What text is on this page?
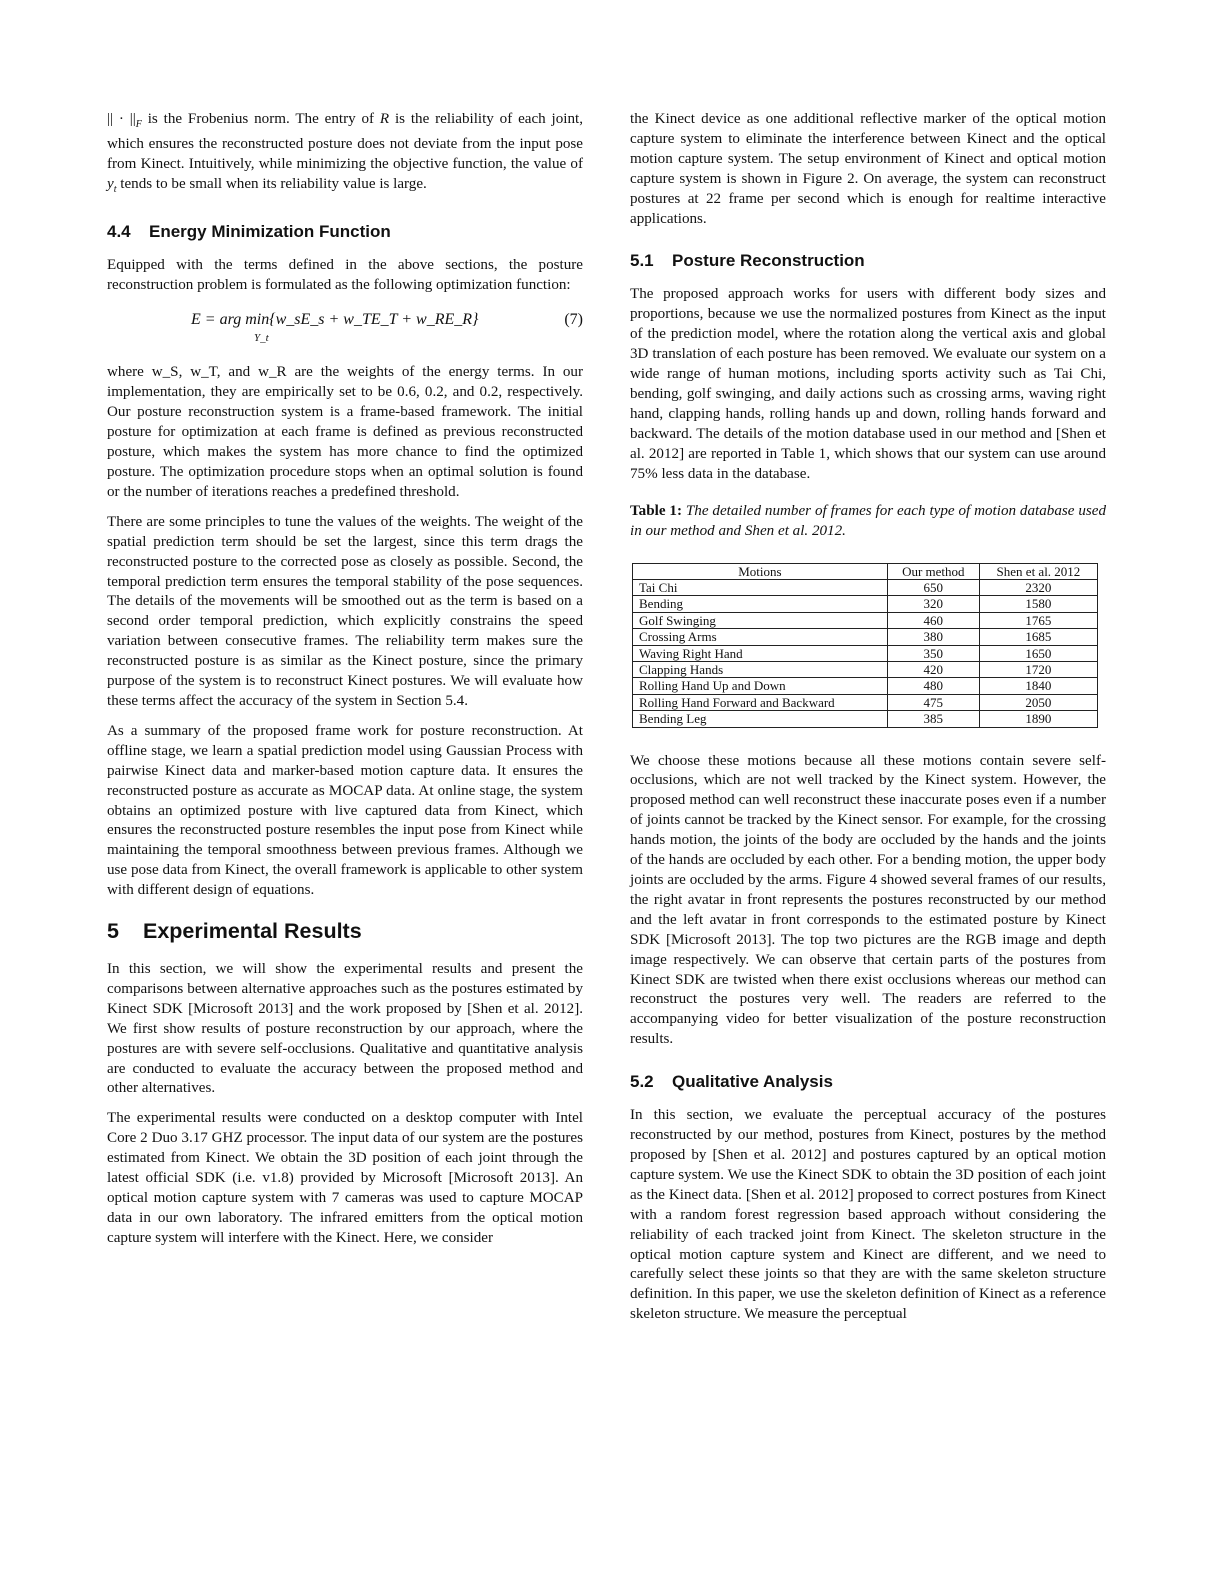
|| · $||_F$ is the Frobenius norm. The entry of R is the reliability of each joint, which ensures the reconstructed posture does not deviate from the input pose from Kinect. Intuitively, while minimizing the objective function, the value of $y_t$ tends to be small when its reliability value is large.

4.4 Energy Minimization Function

Equipped with the terms defined in the above sections, the posture reconstruction problem is formulated as the following optimization function:

E = arg min{w_sE_s + w_TE_T + w_RE_R}
Y_t
(7)

where w_S, w_T, and w_R are the weights of the energy terms. In our implementation, they are empirically set to be 0.6, 0.2, and 0.2, respectively. Our posture reconstruction system is a frame-based framework. The initial posture for optimization at each frame is defined as previous reconstructed posture, which makes the system has more chance to find the optimized posture. The optimization procedure stops when an optimal solution is found or the number of iterations reaches a predefined threshold.

There are some principles to tune the values of the weights. The weight of the spatial prediction term should be set the largest, since this term drags the reconstructed posture to the corrected pose as closely as possible. Second, the temporal prediction term ensures the temporal stability of the pose sequences. The details of the movements will be smoothed out as the term is based on a second order temporal prediction, which explicitly constrains the speed variation between consecutive frames. The reliability term makes sure the reconstructed posture is as similar as the Kinect posture, since the primary purpose of the system is to reconstruct Kinect postures. We will evaluate how these terms affect the accuracy of the system in Section 5.4.

As a summary of the proposed frame work for posture reconstruction. At offline stage, we learn a spatial prediction model using Gaussian Process with pairwise Kinect data and marker-based motion capture data. It ensures the reconstructed posture as accurate as MOCAP data. At online stage, the system obtains an optimized posture with live captured data from Kinect, which ensures the reconstructed posture resembles the input pose from Kinect while maintaining the temporal smoothness between previous frames. Although we use pose data from Kinect, the overall framework is applicable to other system with different design of equations.

5 Experimental Results

In this section, we will show the experimental results and present the comparisons between alternative approaches such as the postures estimated by Kinect SDK [Microsoft 2013] and the work proposed by [Shen et al. 2012]. We first show results of posture reconstruction by our approach, where the postures are with severe self-occlusions. Qualitative and quantitative analysis are conducted to evaluate the accuracy between the proposed method and other alternatives.

The experimental results were conducted on a desktop computer with Intel Core 2 Duo 3.17 GHZ processor. The input data of our system are the postures estimated from Kinect. We obtain the 3D position of each joint through the latest official SDK (i.e. v1.8) provided by Microsoft [Microsoft 2013]. An optical motion capture system with 7 cameras was used to capture MOCAP data in our own laboratory. The infrared emitters from the optical motion capture system will interfere with the Kinect. Here, we consider

the Kinect device as one additional reflective marker of the optical motion capture system to eliminate the interference between Kinect and the optical motion capture system. The setup environment of Kinect and optical motion capture system is shown in Figure 2. On average, the system can reconstruct postures at 22 frame per second which is enough for realtime interactive applications.

5.1 Posture Reconstruction

The proposed approach works for users with different body sizes and proportions, because we use the normalized postures from Kinect as the input of the prediction model, where the rotation along the vertical axis and global 3D translation of each posture has been removed. We evaluate our system on a wide range of human motions, including sports activity such as Tai Chi, bending, golf swinging, and daily actions such as crossing arms, waving right hand, clapping hands, rolling hands up and down, rolling hands forward and backward. The details of the motion database used in our method and [Shen et al. 2012] are reported in Table 1, which shows that our system can use around 75% less data in the database.

Table 1: The detailed number of frames for each type of motion database used in our method and Shen et al. 2012.

Motions	Our method	Shen et al. 2012
Tai Chi	650	2320
Bending	320	1580
Golf Swinging	460	1765
Crossing Arms	380	1685
Waving Right Hand	350	1650
Clapping Hands	420	1720
Rolling Hand Up and Down	480	1840
Rolling Hand Forward and Backward	475	2050
Bending Leg	385	1890

We choose these motions because all these motions contain severe self-occlusions, which are not well tracked by the Kinect system. However, the proposed method can well reconstruct these inaccurate poses even if a number of joints cannot be tracked by the Kinect sensor. For example, for the crossing hands motion, the joints of the body are occluded by the hands and the joints of the hands are occluded by each other. For a bending motion, the upper body joints are occluded by the arms. Figure 4 showed several frames of our results, the right avatar in front represents the postures reconstructed by our method and the left avatar in front corresponds to the estimated posture by Kinect SDK [Microsoft 2013]. The top two pictures are the RGB image and depth image respectively. We can observe that certain parts of the postures from Kinect SDK are twisted when there exist occlusions whereas our method can reconstruct the postures very well. The readers are referred to the accompanying video for better visualization of the posture reconstruction results.

5.2 Qualitative Analysis

In this section, we evaluate the perceptual accuracy of the postures reconstructed by our method, postures from Kinect, postures by the method proposed by [Shen et al. 2012] and postures captured by an optical motion capture system. We use the Kinect SDK to obtain the 3D position of each joint as the Kinect data. [Shen et al. 2012] proposed to correct postures from Kinect with a random forest regression based approach without considering the reliability of each tracked joint from Kinect. The skeleton structure in the optical motion capture system and Kinect are different, and we need to carefully select these joints so that they are with the same skeleton structure definition. In this paper, we use the skeleton definition of Kinect as a reference skeleton structure. We measure the perceptual
